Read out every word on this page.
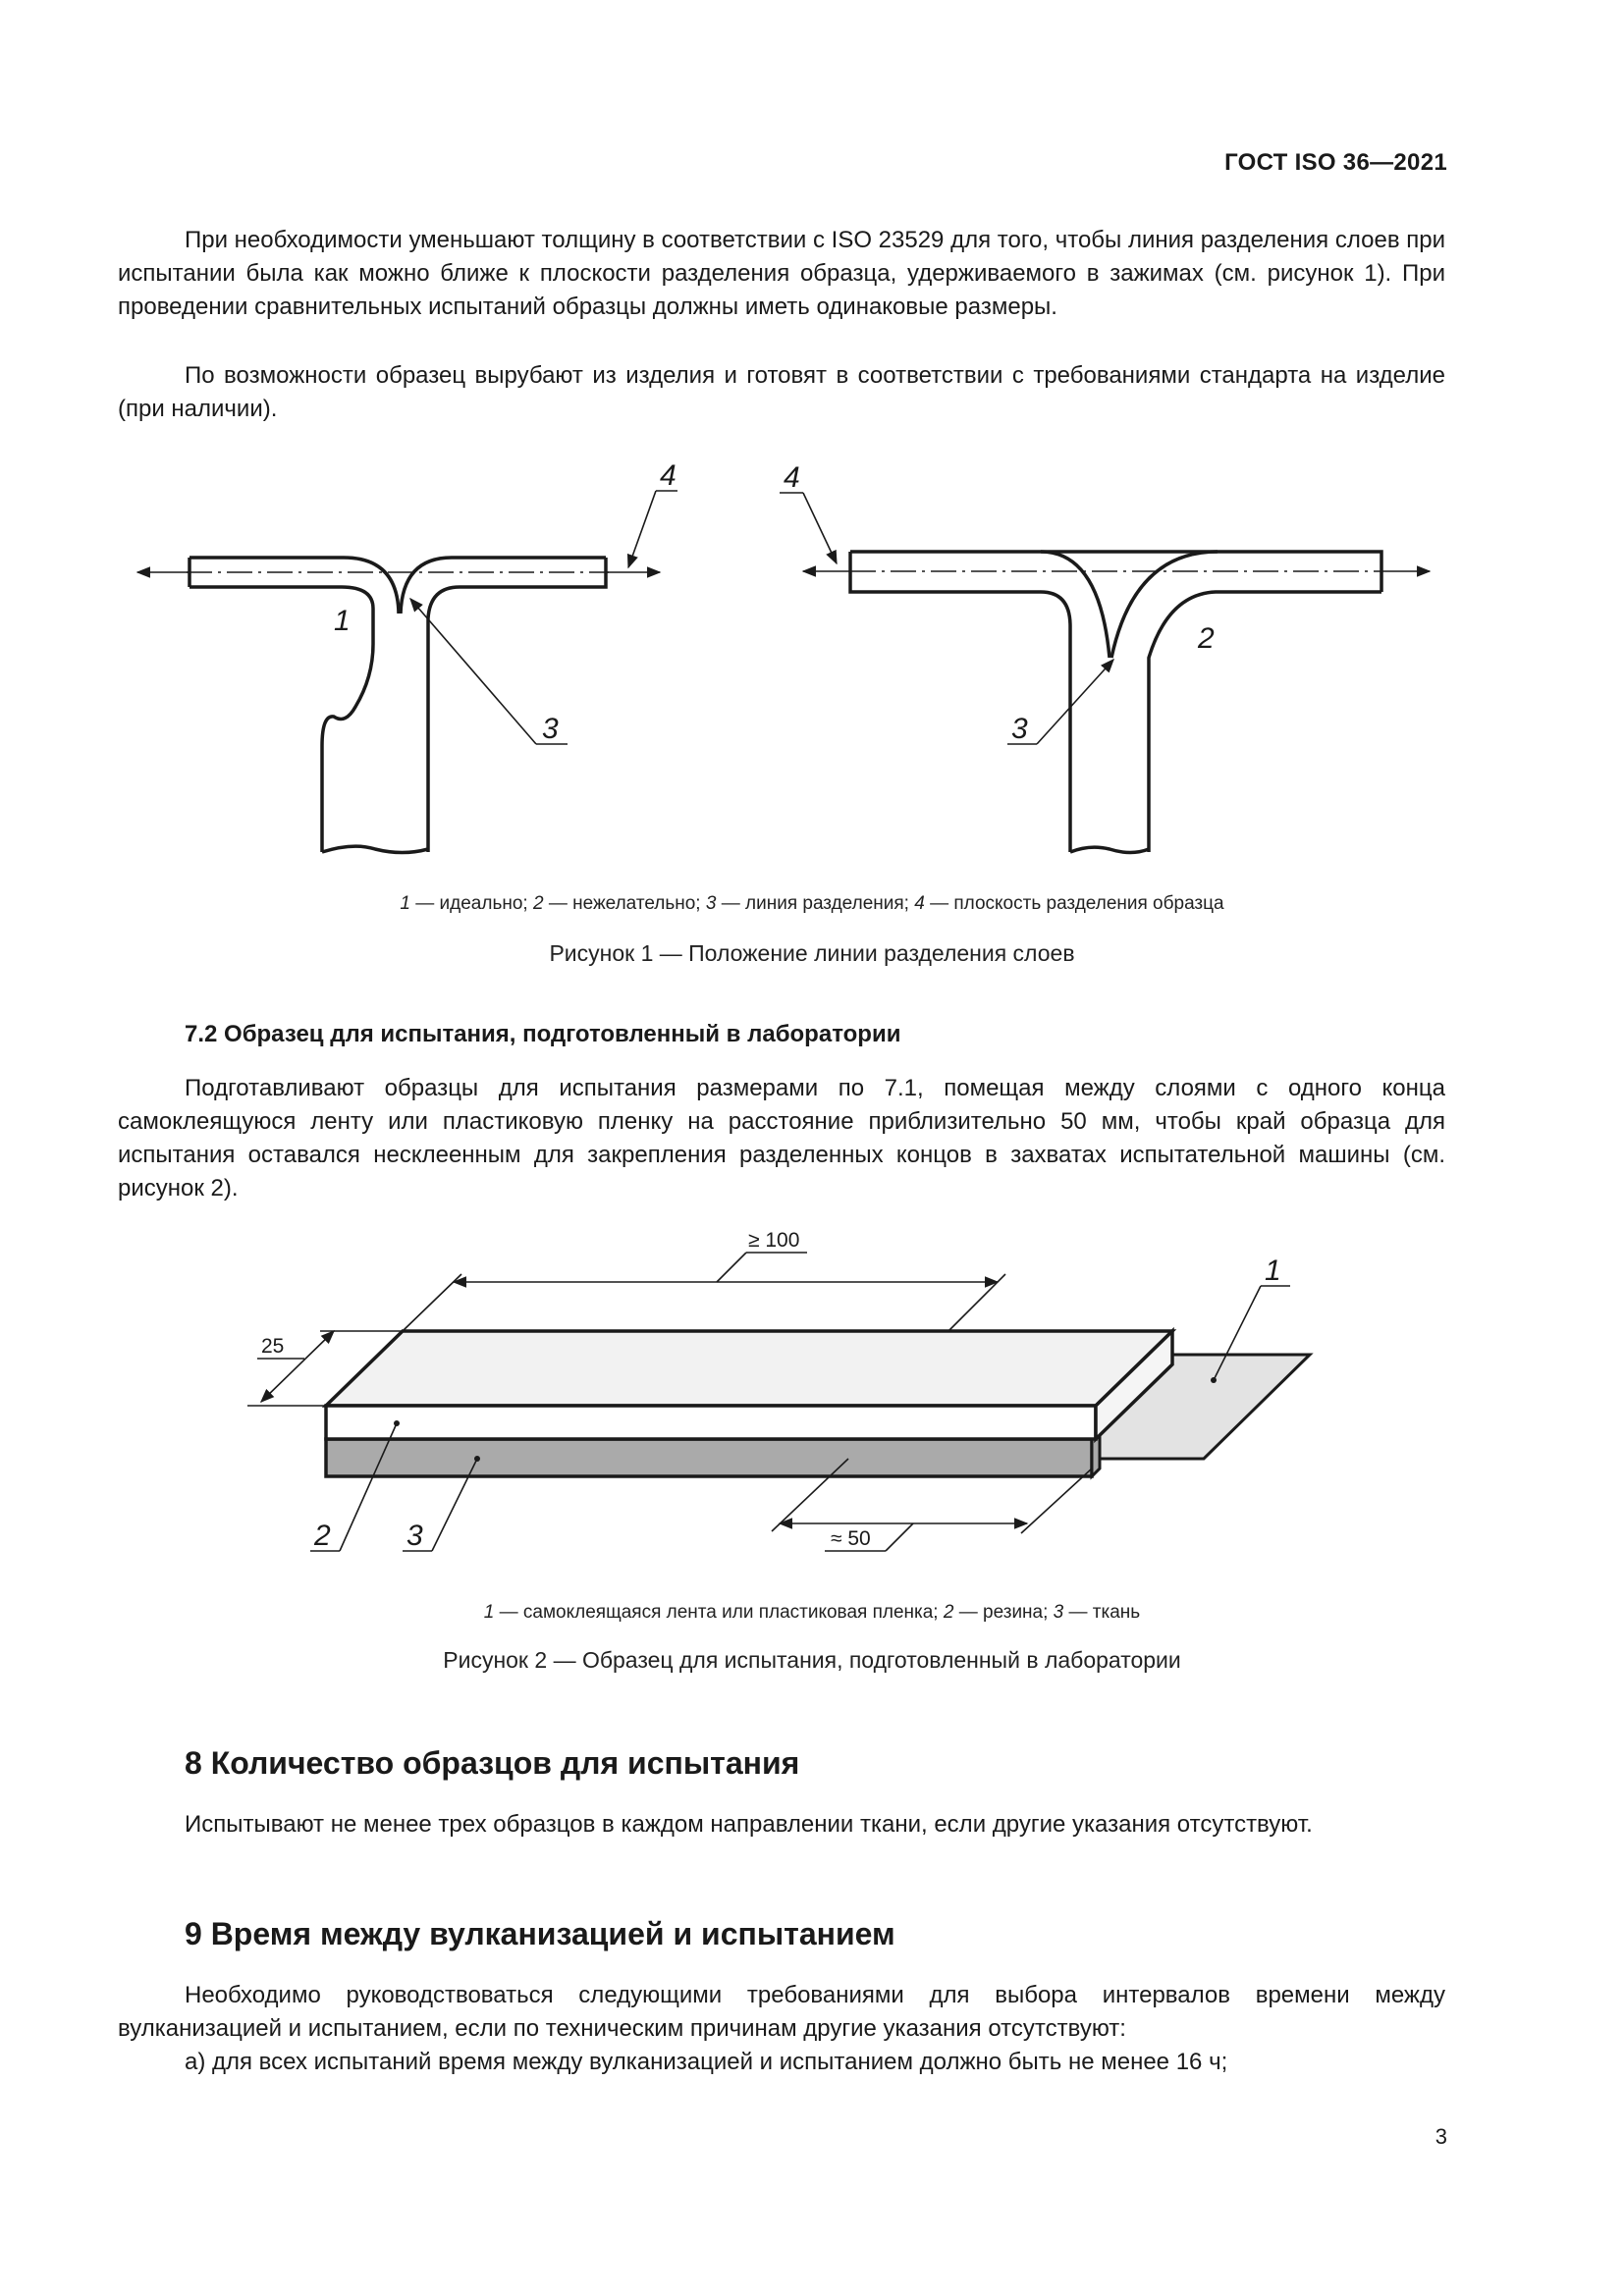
ГОСТ ISO 36—2021

При необходимости уменьшают толщину в соответствии с ISO 23529 для того, чтобы линия разделения слоев при испытании была как можно ближе к плоскости разделения образца, удерживаемого в зажимах (см. рисунок 1). При проведении сравнительных испытаний образцы должны иметь одинаковые размеры.

По возможности образец вырубают из изделия и готовят в соответствии с требованиями стандарта на изделие (при наличии).

4
1
3
4
2
3
1 — идеально; 2 — нежелательно; 3 — линия разделения; 4 — плоскость разделения образца
Рисунок 1 — Положение линии разделения слоев
7.2 Образец для испытания, подготовленный в лаборатории

Подготавливают образцы для испытания размерами по 7.1, помещая между слоями с одного конца самоклеящуюся ленту или пластиковую пленку на расстояние приблизительно 50 мм, чтобы край образца для испытания оставался несклеенным для закрепления разделенных концов в захватах испытательной машины (см. рисунок 2).

≥ 100
25
≈ 50
1
2	3
1 — самоклеящаяся лента или пластиковая пленка; 2 — резина; 3 — ткань
Рисунок 2 — Образец для испытания, подготовленный в лаборатории
8 Количество образцов для испытания

Испытывают не менее трех образцов в каждом направлении ткани, если другие указания отсутствуют.

9 Время между вулканизацией и испытанием

Необходимо руководствоваться следующими требованиями для выбора интервалов времени между вулканизацией и испытанием, если по техническим причинам другие указания отсутствуют:

а) для всех испытаний время между вулканизацией и испытанием должно быть не менее 16 ч;

3
